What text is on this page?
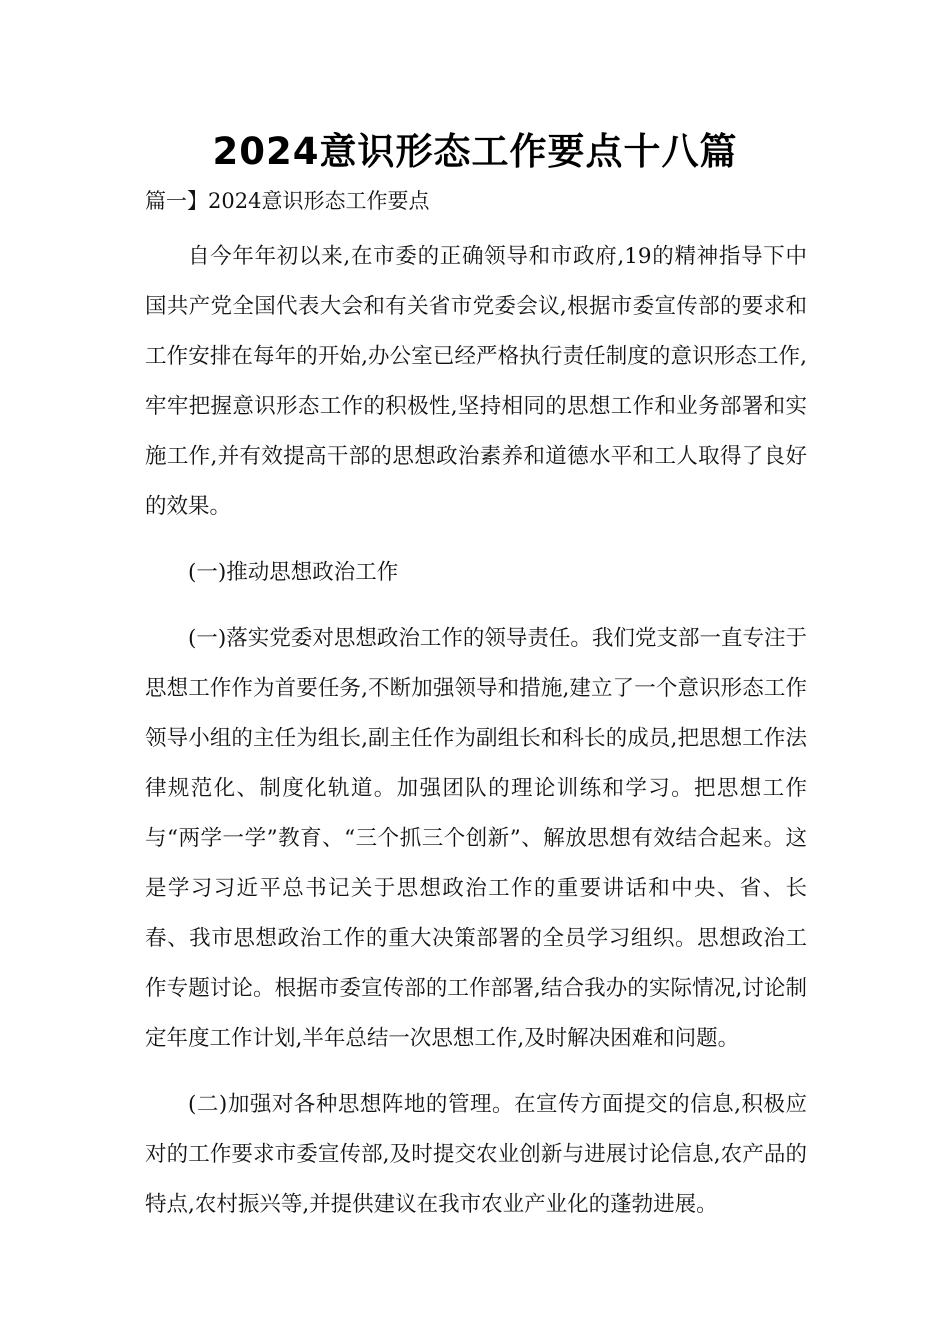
2024意识形态工作要点十八篇

篇一】2024意识形态工作要点

自今年年初以来,在市委的正确领导和市政府,19的精神指导下中国共产党全国代表大会和有关省市党委会议,根据市委宣传部的要求和工作安排在每年的开始,办公室已经严格执行责任制度的意识形态工作,牢牢把握意识形态工作的积极性,坚持相同的思想工作和业务部署和实施工作,并有效提高干部的思想政治素养和道德水平和工人取得了良好的效果。

(一)推动思想政治工作

(一)落实党委对思想政治工作的领导责任。我们党支部一直专注于思想工作作为首要任务,不断加强领导和措施,建立了一个意识形态工作领导小组的主任为组长,副主任作为副组长和科长的成员,把思想工作法律规范化、制度化轨道。加强团队的理论训练和学习。把思想工作与“两学一学”教育、“三个抓三个创新”、解放思想有效结合起来。这是学习习近平总书记关于思想政治工作的重要讲话和中央、省、长春、我市思想政治工作的重大决策部署的全员学习组织。思想政治工作专题讨论。根据市委宣传部的工作部署,结合我办的实际情况,讨论制定年度工作计划,半年总结一次思想工作,及时解决困难和问题。

(二)加强对各种思想阵地的管理。在宣传方面提交的信息,积极应对的工作要求市委宣传部,及时提交农业创新与进展讨论信息,农产品的特点,农村振兴等,并提供建议在我市农业产业化的蓬勃进展。
